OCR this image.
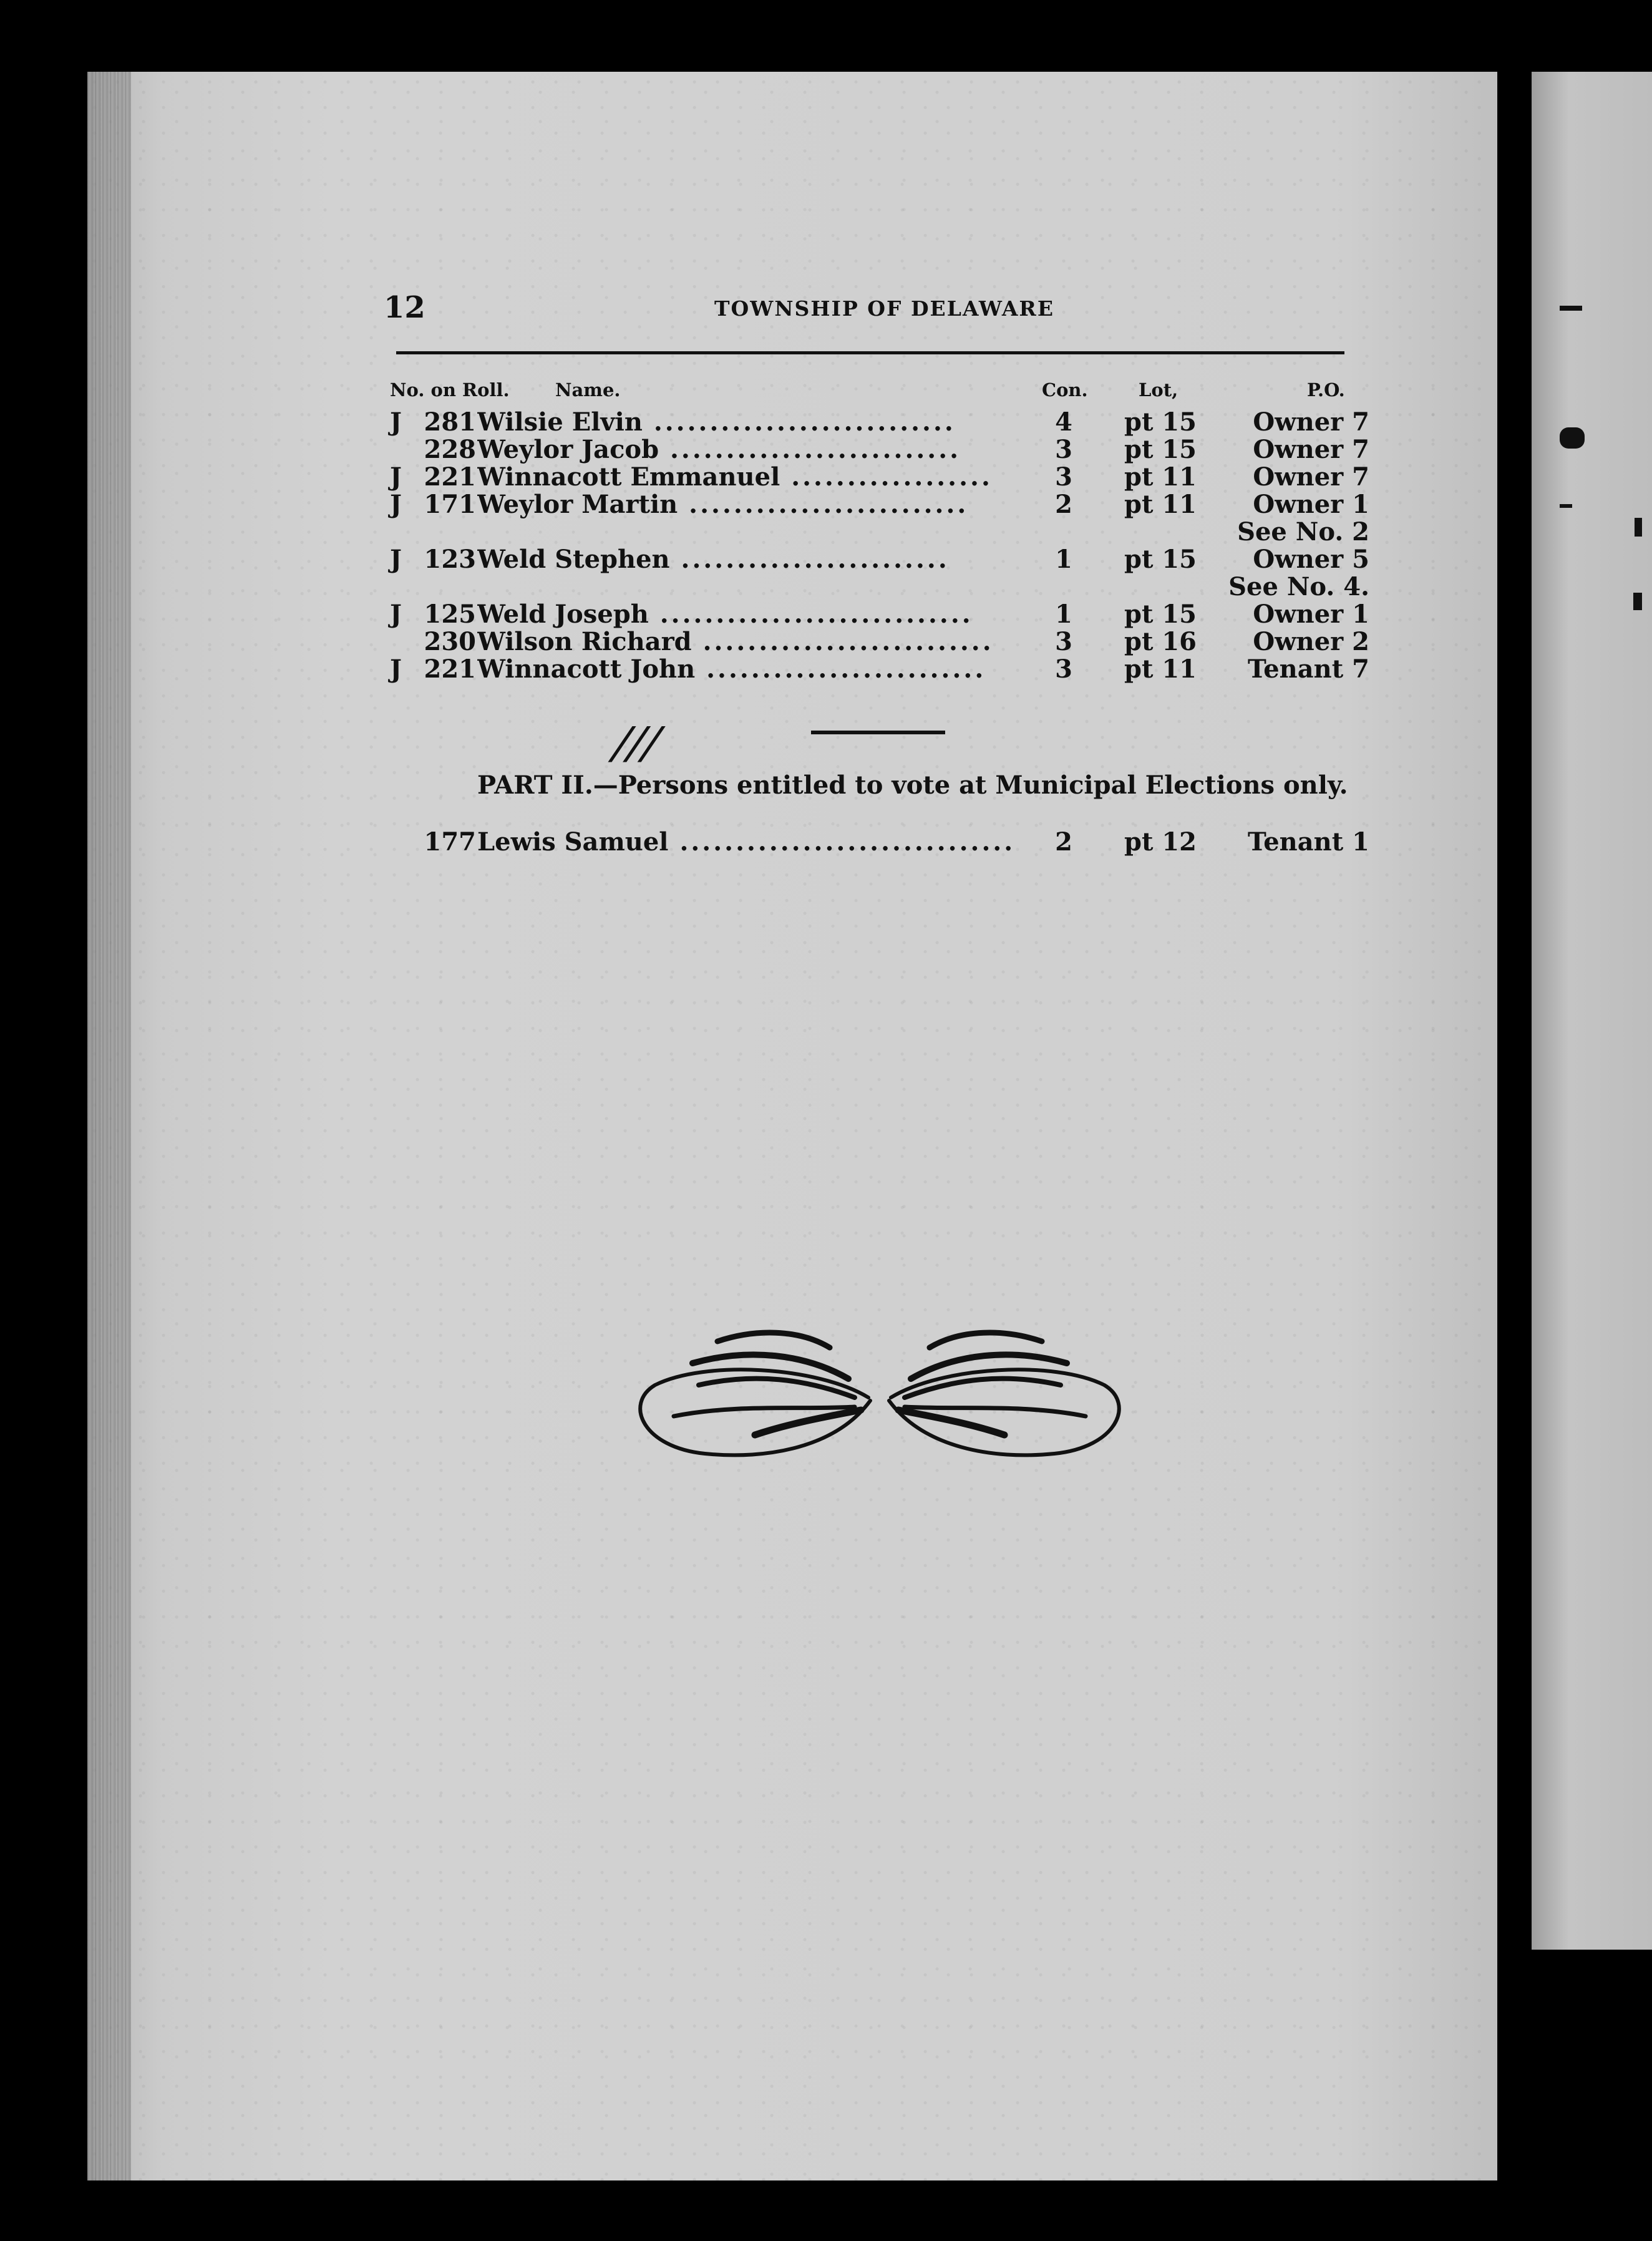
12	TOWNSHIP OF DELAWARE
No. on Roll.	Name.	Con.	Lot,	P.O.
J 281 Wilsie Elvin ...........................	4 pt 15	Owner 7
228 Weylor Jacob ..........................	3 pt 15	Owner 7
J 221 Winnacott Emmanuel ..................	3 pt 11	Owner 7
J 171 Weylor Martin .........................	2 pt 11	Owner 1
See No. 2
J 123 Weld Stephen ........................	1 pt 15	Owner 5
See No. 4.
J 125 Weld Joseph ............................	1 pt 15	Owner 1
230 Wilson Richard ..........................	3 pt 16	Owner 2
J 221 Winnacott John .........................	3 pt 11	Tenant 7
///
PART II.—Persons entitled to vote at Municipal Elections only.
177 Lewis Samuel ..............................	2 pt 12	Tenant 1
